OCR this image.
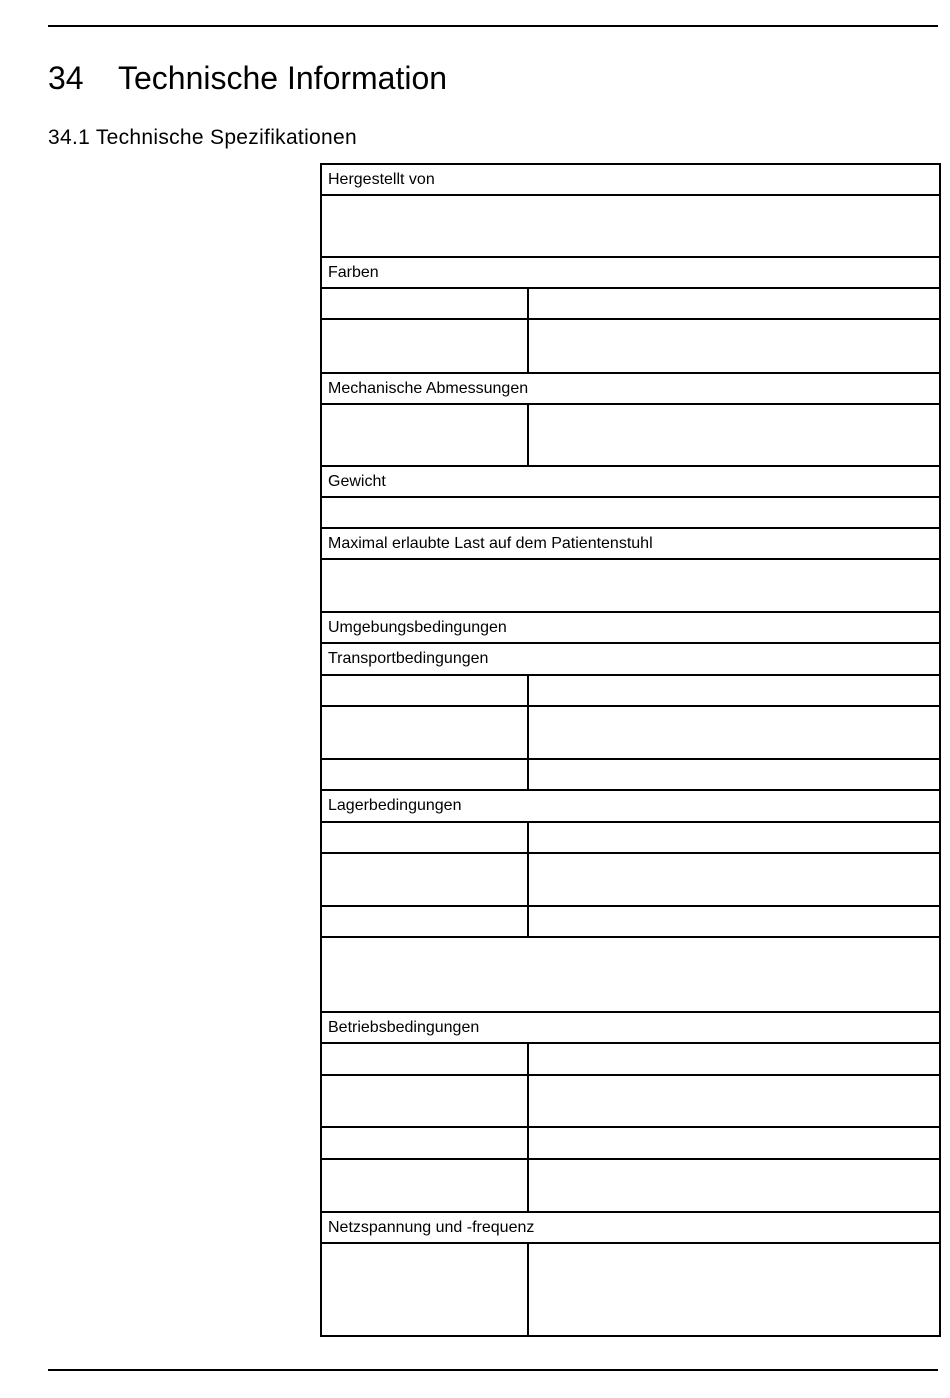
34 Technische Information
34.1 Technische Spezifikationen
Hergestellt von	

Farben	

Mechanische Abmessungen	

Gewicht	

Maximal erlaubte Last auf dem Patientenstuhl	

Umgebungsbedingungen	
Transportbedingungen	

Lagerbedingungen	

Betriebsbedingungen	

Netzspannung und -frequenz	
